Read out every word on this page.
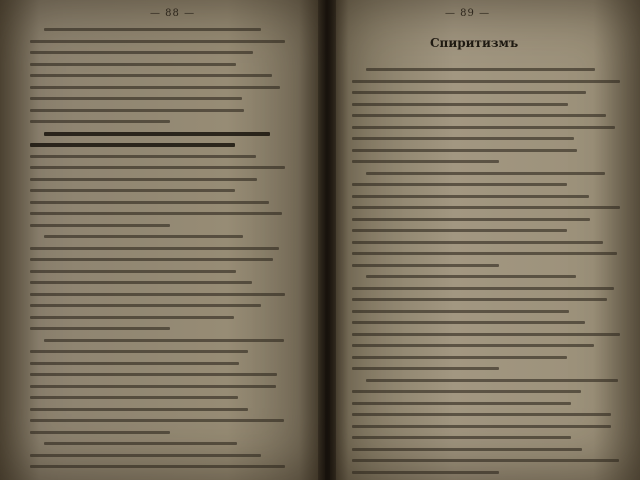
— 88 —	— 89 —
Спиритизмъ
